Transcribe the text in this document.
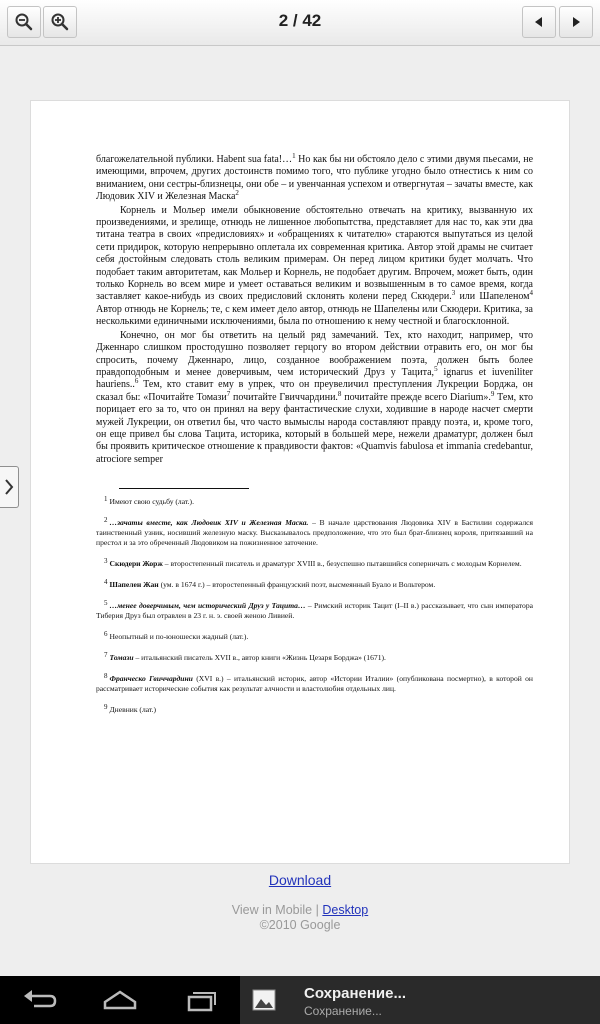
2 / 42
благожелательной публики. Habent sua fata!…$^1$ Но как бы ни обстояло дело с этими двумя пьесами, не имеющими, впрочем, других достоинств помимо того, что публике угодно было отнестись к ним со вниманием, они сестры-близнецы, они обе – и увенчанная успехом и отвергнутая – зачаты вместе, как Людовик XIV и Железная Маска$^2$
Корнель и Мольер имели обыкновение обстоятельно отвечать на критику, вызванную их произведениями, и зрелище, отнюдь не лишенное любопытства, представляет для нас то, как эти два титана театра в своих «предисловиях» и «обращениях к читателю» стараются выпутаться из целой сети придирок, которую непрерывно оплетала их современная критика. Автор этой драмы не считает себя достойным следовать столь великим примерам. Он перед лицом критики будет молчать. Что подобает таким авторитетам, как Мольер и Корнель, не подобает другим. Впрочем, может быть, один только Корнель во всем мире и умеет оставаться великим и возвышенным в то самое время, когда заставляет какое-нибудь из своих предисловий склонять колени перед Скюдери.$^3$ или Шапеленом$^4$ Автор отнюдь не Корнель; те, с кем имеет дело автор, отнюдь не Шапелены или Скюдери. Критика, за несколькими единичными исключениями, была по отношению к нему честной и благосклонной.
Конечно, он мог бы ответить на целый ряд замечаний. Тех, кто находит, например, что Дженнаро слишком простодушно позволяет герцогу во втором действии отравить его, он мог бы спросить, почему Дженнаро, лицо, созданное воображением поэта, должен быть более правдоподобным и менее доверчивым, чем исторический Друз у Тацита,$^5$ ignarus et iuveniliter hauriens..$^6$ Тем, кто ставит ему в упрек, что он преувеличил преступления Лукреции Борджа, он сказал бы: «Почитайте Томази$^7$ почитайте Гвиччардини.$^8$ почитайте прежде всего Diarium».$^9$ Тем, кто порицает его за то, что он принял на веру фантастические слухи, ходившие в народе насчет смерти мужей Лукреции, он ответил бы, что часто вымыслы народа составляют правду поэта, и, кроме того, он еще привел бы слова Тацита, историка, который в большей мере, нежели драматург, должен был бы проявить критическое отношение к правдивости фактов: «Quamvis fabulosa et immania credebantur, atrociore semper
1 Имеют свою судьбу (лат.).
2 …зачаты вместе, как Людовик XIV и Железная Маска. – В начале царствования Людовика XIV в Бастилии содержался таинственный узник, носивший железную маску. Высказывалось предположение, что это был брат-близнец короля, притязавший на престол и за это обреченный Людовиком на пожизненное заточение.
3 Скюдери Жорж – второстепенный писатель и драматург XVIII в., безуспешно пытавшийся соперничать с молодым Корнелем.
4 Шапелен Жан (ум. в 1674 г.) – второстепенный французский поэт, высмеянный Буало и Вольтером.
5 …менее доверчивым, чем исторический Друз у Тацита… – Римский историк Тацит (I–II в.) рассказывает, что сын императора Тиберия Друз был отравлен в 23 г. н. э. своей женою Ливией.
6 Неопытный и по-юношески жадный (лат.).
7 Томази – итальянский писатель XVII в., автор книги «Жизнь Цезаря Борджа» (1671).
8 Франческо Гвиччардини (XVI в.) – итальянский историк, автор «Истории Италии» (опубликована посмертно), в которой он рассматривает исторические события как результат алчности и властолюбия отдельных лиц.
9 Дневник (лат.)
Download
View in Mobile | Desktop
©2010 Google
Сохранение...
Сохранение...
